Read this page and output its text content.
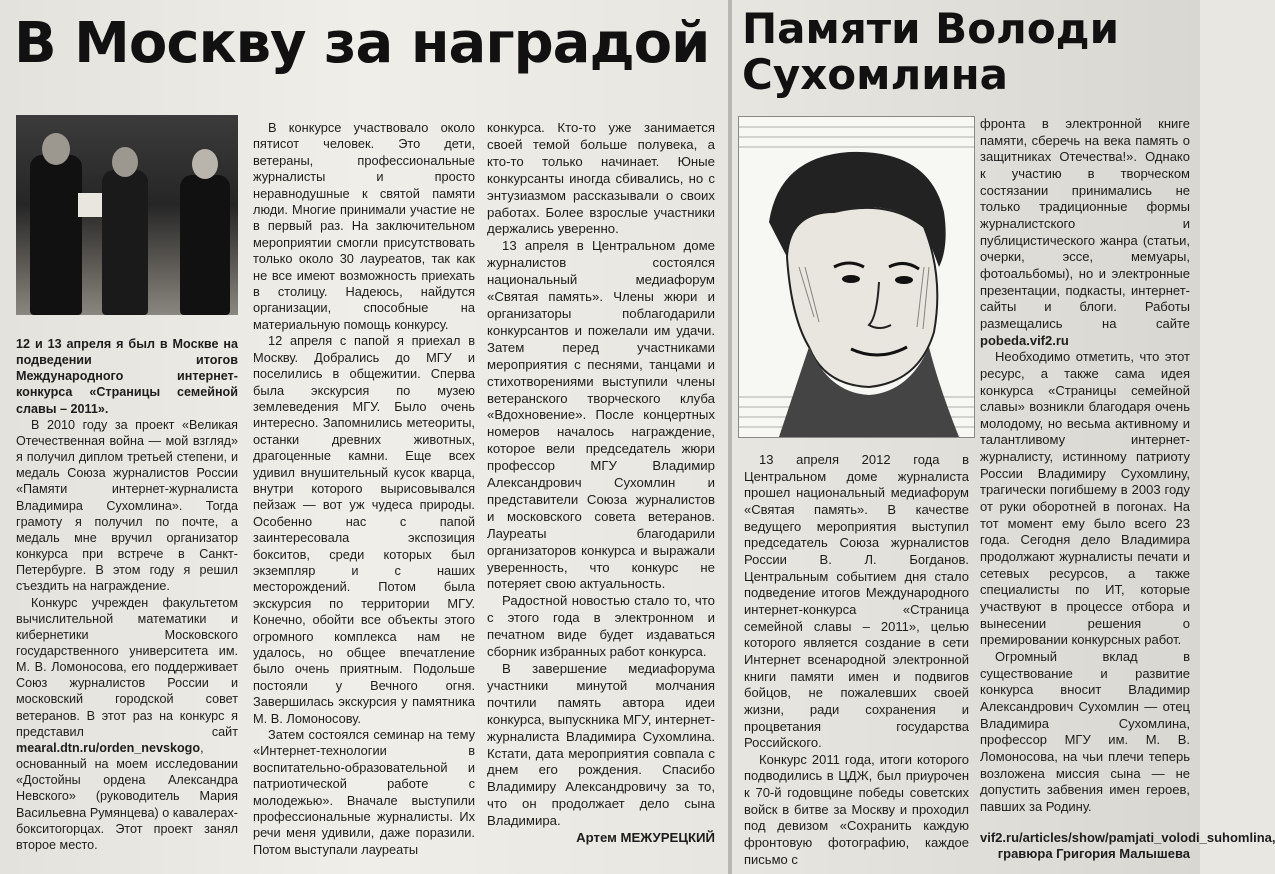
В Москву за наградой Памяти Володи Сухомлина

12 и 13 апреля я был в Москве на подведении итогов Международного интернет-конкурса «Страницы семейной славы – 2011».

В 2010 году за проект «Великая Отечественная война — мой взгляд» я получил диплом третьей степени, и медаль Союза журналистов России «Памяти интернет-журналиста Владимира Сухомлина». Тогда грамоту я получил по почте, а медаль мне вручил организатор конкурса при встрече в Санкт-Петербурге. В этом году я решил съездить на награждение.

Конкурс учрежден факультетом вычислительной математики и кибернетики Московского государственного университета им. М. В. Ломоносова, его поддерживает Союз журналистов России и московский городской совет ветеранов. В этот раз на конкурс я представил сайт mearal.dtn.ru/orden_nevskogo, основанный на моем исследовании «Достойны ордена Александра Невского» (руководитель Мария Васильевна Румянцева) о кавалерах-бокситогорцах. Этот проект занял второе место.

В конкурсе участвовало около пятисот человек. Это дети, ветераны, профессиональные журналисты и просто неравнодушные к святой памяти люди. Многие принимали участие не в первый раз. На заключительном мероприятии смогли присутствовать только около 30 лауреатов, так как не все имеют возможность приехать в столицу. Надеюсь, найдутся организации, способные на материальную помощь конкурсу.

12 апреля с папой я приехал в Москву. Добрались до МГУ и поселились в общежитии. Сперва была экскурсия по музею землеведения МГУ. Было очень интересно. Запомнились метеориты, останки древних животных, драгоценные камни. Еще всех удивил внушительный кусок кварца, внутри которого вырисовывался пейзаж — вот уж чудеса природы. Особенно нас с папой заинтересовала экспозиция бокситов, среди которых был экземпляр и с наших месторождений. Потом была экскурсия по территории МГУ. Конечно, обойти все объекты этого огромного комплекса нам не удалось, но общее впечатление было очень приятным. Подольше постояли у Вечного огня. Завершилась экскурсия у памятника М. В. Ломоносову.

Затем состоялся семинар на тему «Интернет-технологии в воспитательно-образовательной и патриотической работе с молодежью». Вначале выступили профессиональные журналисты. Их речи меня удивили, даже поразили. Потом выступали лауреаты

конкурса. Кто-то уже занимается своей темой больше полувека, а кто-то только начинает. Юные конкурсанты иногда сбивались, но с энтузиазмом рассказывали о своих работах. Более взрослые участники держались уверенно.

13 апреля в Центральном доме журналистов состоялся национальный медиафорум «Святая память». Члены жюри и организаторы поблагодарили конкурсантов и пожелали им удачи. Затем перед участниками мероприятия с песнями, танцами и стихотворениями выступили члены ветеранского творческого клуба «Вдохновение». После концертных номеров началось награждение, которое вели председатель жюри профессор МГУ Владимир Александрович Сухомлин и представители Союза журналистов и московского совета ветеранов. Лауреаты благодарили организаторов конкурса и выражали уверенность, что конкурс не потеряет свою актуальность.

Радостной новостью стало то, что с этого года в электронном и печатном виде будет издаваться сборник избранных работ конкурса.

В завершение медиафорума участники минутой молчания почтили память автора идеи конкурса, выпускника МГУ, интернет-журналиста Владимира Сухомлина. Кстати, дата мероприятия совпала с днем его рождения. Спасибо Владимиру Александровичу за то, что он продолжает дело сына Владимира.

Артем МЕЖУРЕЦКИЙ

13 апреля 2012 года в Центральном доме журналиста прошел национальный медиафорум «Святая память». В качестве ведущего мероприятия выступил председатель Союза журналистов России В. Л. Богданов. Центральным событием дня стало подведение итогов Международного интернет-конкурса «Страница семейной славы – 2011», целью которого является создание в сети Интернет всенародной электронной книги памяти имен и подвигов бойцов, не пожалевших своей жизни, ради сохранения и процветания государства Российского.

Конкурс 2011 года, итоги которого подводились в ЦДЖ, был приурочен к 70-й годовщине победы советских войск в битве за Москву и проходил под девизом «Сохранить каждую фронтовую фотографию, каждое письмо с

фронта в электронной книге памяти, сберечь на века память о защитниках Отечества!». Однако к участию в творческом состязании принимались не только традиционные формы журналистского и публицистического жанра (статьи, очерки, эссе, мемуары, фотоальбомы), но и электронные презентации, подкасты, интернет-сайты и блоги. Работы размещались на сайте pobeda.vif2.ru

Необходимо отметить, что этот ресурс, а также сама идея конкурса «Страницы семейной славы» возникли благодаря очень молодому, но весьма активному и талантливому интернет-журналисту, истинному патриоту России Владимиру Сухомлину, трагически погибшему в 2003 году от руки оборотней в погонах. На тот момент ему было всего 23 года. Сегодня дело Владимира продолжают журналисты печати и сетевых ресурсов, а также специалисты по ИТ, которые участвуют в процессе отбора и вынесении решения о премировании конкурсных работ.

Огромный вклад в существование и развитие конкурса вносит Владимир Александрович Сухомлин — отец Владимира Сухомлина, профессор МГУ им. М. В. Ломоносова, на чьи плечи теперь возложена миссия сына — не допустить забвения имен героев, павших за Родину.

vif2.ru/articles/show/pamjati_volodi_suhomlina,

гравюра Григория Малышева
